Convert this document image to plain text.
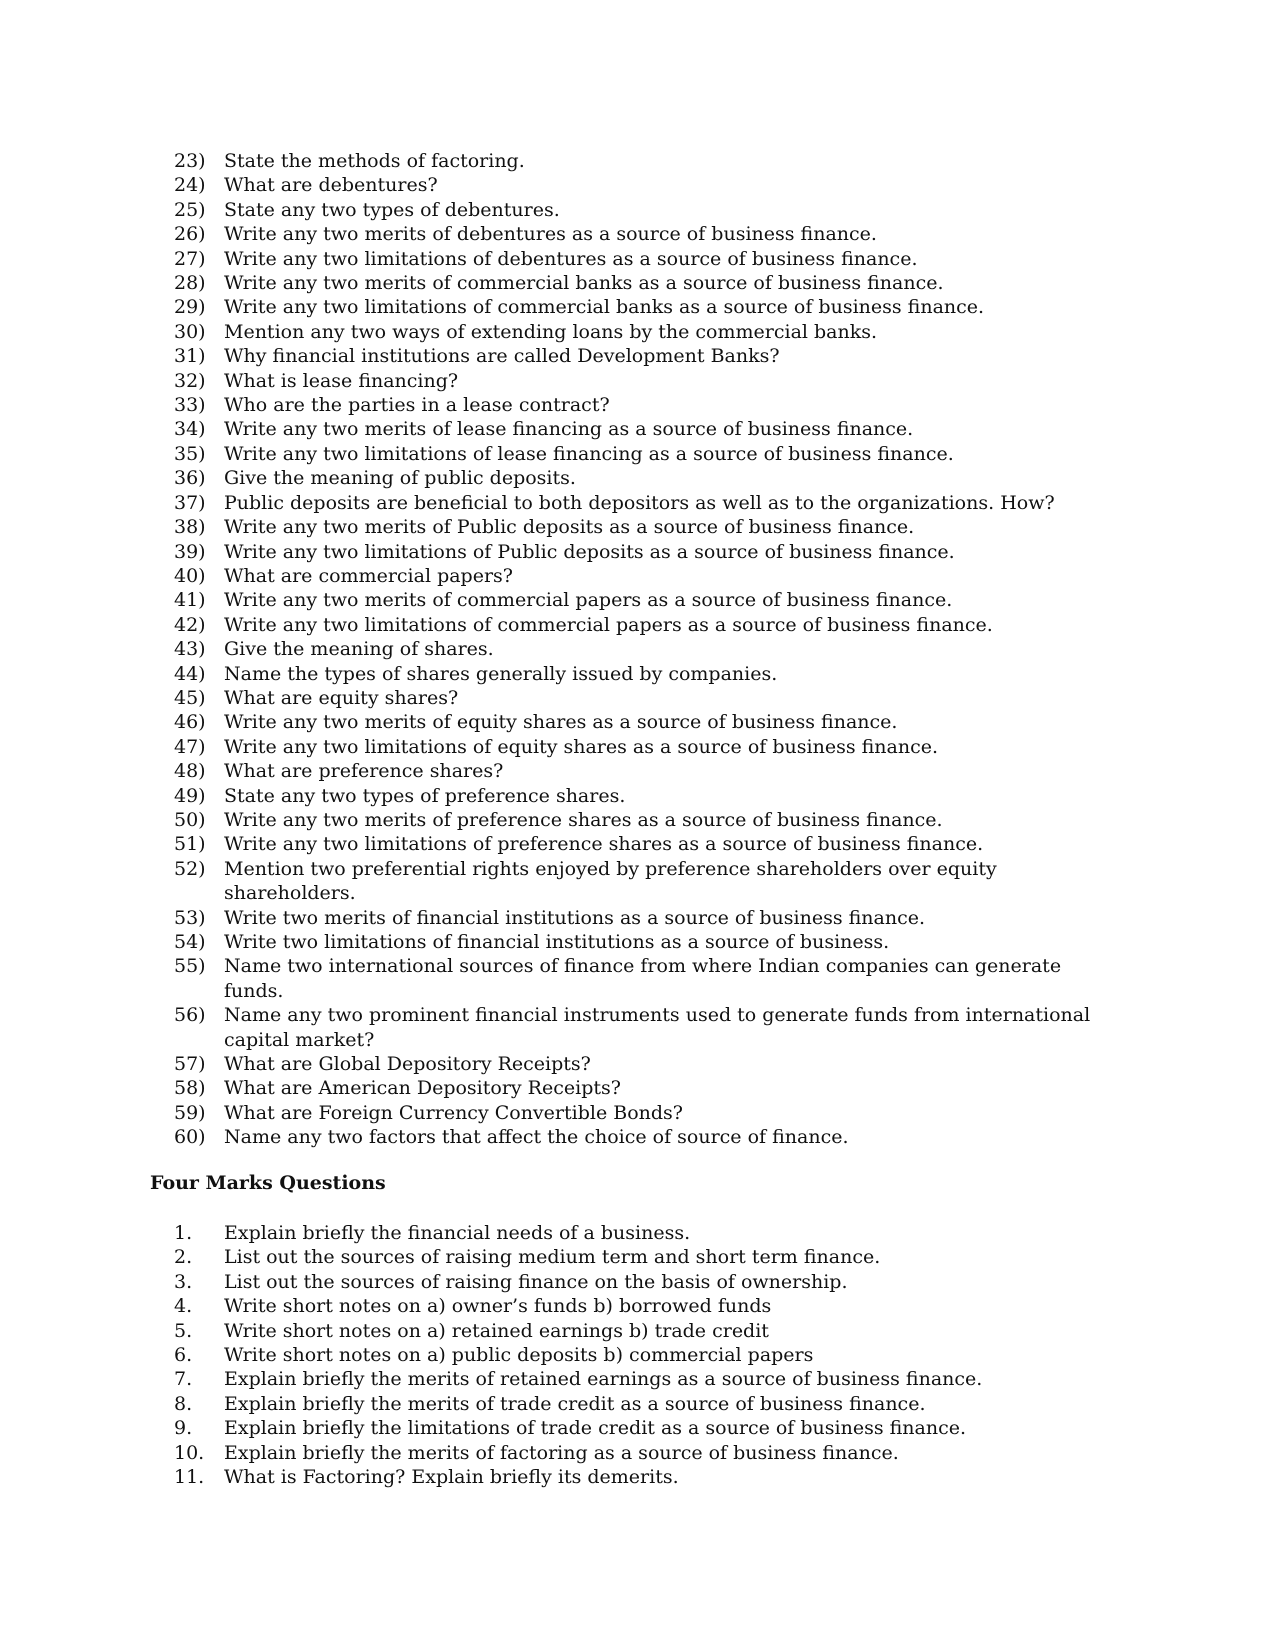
23) State the methods of factoring.
24) What are debentures?
25) State any two types of debentures.
26) Write any two merits of debentures as a source of business finance.
27) Write any two limitations of debentures as a source of business finance.
28) Write any two merits of commercial banks as a source of business finance.
29) Write any two limitations of commercial banks as a source of business finance.
30) Mention any two ways of extending loans by the commercial banks.
31) Why financial institutions are called Development Banks?
32) What is lease financing?
33) Who are the parties in a lease contract?
34) Write any two merits of lease financing as a source of business finance.
35) Write any two limitations of lease financing as a source of business finance.
36) Give the meaning of public deposits.
37) Public deposits are beneficial to both depositors as well as to the organizations. How?
38) Write any two merits of Public deposits as a source of business finance.
39) Write any two limitations of Public deposits as a source of business finance.
40) What are commercial papers?
41) Write any two merits of commercial papers as a source of business finance.
42) Write any two limitations of commercial papers as a source of business finance.
43) Give the meaning of shares.
44) Name the types of shares generally issued by companies.
45) What are equity shares?
46) Write any two merits of equity shares as a source of business finance.
47) Write any two limitations of equity shares as a source of business finance.
48) What are preference shares?
49) State any two types of preference shares.
50) Write any two merits of preference shares as a source of business finance.
51) Write any two limitations of preference shares as a source of business finance.
52) Mention two preferential rights enjoyed by preference shareholders over equity shareholders.
53) Write two merits of financial institutions as a source of business finance.
54) Write two limitations of financial institutions as a source of business.
55) Name two international sources of finance from where Indian companies can generate funds.
56) Name any two prominent financial instruments used to generate funds from international capital market?
57) What are Global Depository Receipts?
58) What are American Depository Receipts?
59) What are Foreign Currency Convertible Bonds?
60) Name any two factors that affect the choice of source of finance.
Four Marks Questions
1.	Explain briefly the financial needs of a business.
2.	List out the sources of raising medium term and short term finance.
3.	List out the sources of raising finance on the basis of ownership.
4.	Write short notes on a) owner’s funds b) borrowed funds
5.	Write short notes on a) retained earnings b) trade credit
6.	Write short notes on a) public deposits b) commercial papers
7.	Explain briefly the merits of retained earnings as a source of business finance.
8.	Explain briefly the merits of trade credit as a source of business finance.
9.	Explain briefly the limitations of trade credit as a source of business finance.
10.	Explain briefly the merits of factoring as a source of business finance.
11.	What is Factoring? Explain briefly its demerits.
